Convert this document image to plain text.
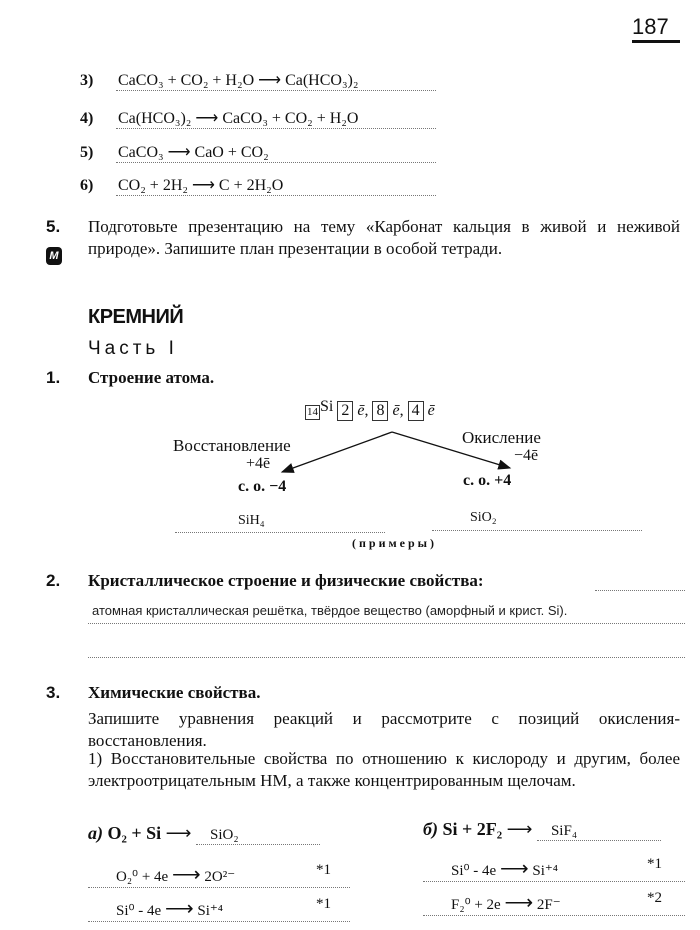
187
3) CaCO₃ + CO₂ + H₂O ⟶ Ca(HCO₃)₂
4) Ca(HCO₃)₂ ⟶ CaCO₃ + CO₂ + H₂O
5) CaCO₃ ⟶ CaO + CO₂
6) CO₂ + 2H₂ ⟶ C + 2H₂O
5.
M
Подготовьте презентацию на тему «Карбонат кальция в живой и неживой природе». Запишите план презентации в особой тетради.
КРЕМНИЙ
Часть I
1. Строение атома.
14 Si 2 ē, 8 ē, 4 ē
Восстановление
+4ē
с. о. −4
Окисление
−4ē
с. о. +4
SiH₄	SiO₂
(примеры)
2. Кристаллическое строение и физические свойства:
атомная кристаллическая решётка, твёрдое вещество (аморфный и крист. Si).
3. Химические свойства.
Запишите уравнения реакций и рассмотрите с позиций окисления-восстановления.
1) Восстановительные свойства по отношению к кислороду и другим, более электроотрицательным НМ, а также концентрированным щелочам.
а) O₂ + Si ⟶ SiO₂
O₂⁰ + 4e ⟶ 2O²⁻	*1
Si⁰ - 4e ⟶ Si⁺⁴	*1
б) Si + 2F₂ ⟶ SiF₄
Si⁰ - 4e ⟶ Si⁺⁴	*1
F₂⁰ + 2e ⟶ 2F⁻	*2
